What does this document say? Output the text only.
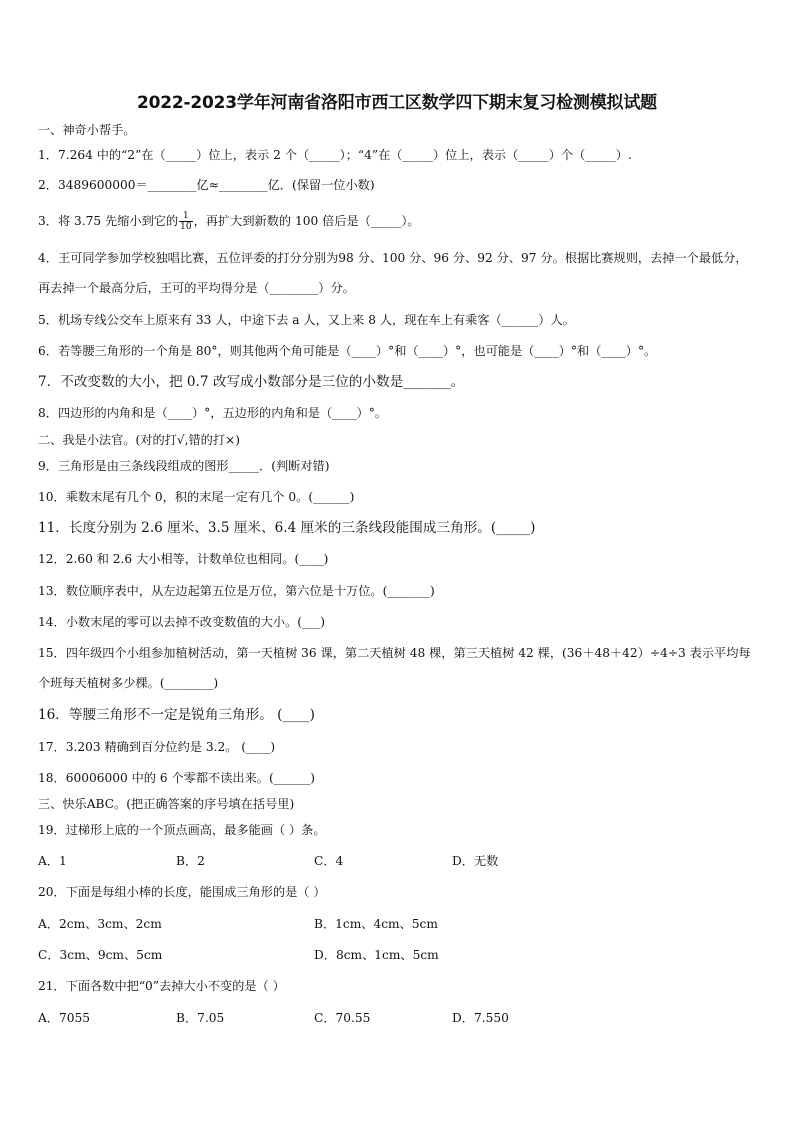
2022-2023学年河南省洛阳市西工区数学四下期末复习检测模拟试题
一、神奇小帮手。
1．7.264 中的“2”在（_____）位上，表示 2 个（_____）；“4”在（_____）位上，表示（_____）个（_____）.
2．3489600000＝________亿≈________亿．(保留一位小数)
3．将 3.75 先缩小到它的 $\frac{1}{10}$ ，再扩大到新数的 100 倍后是（_____）。
4．王可同学参加学校独唱比赛，五位评委的打分分别为98 分、100 分、96 分、92 分、97 分。根据比赛规则，去掉一个最低分，再去掉一个最高分后，王可的平均得分是（________）分。
5．机场专线公交车上原来有 33 人，中途下去 a 人，又上来 8 人，现在车上有乘客（______）人。
6．若等腰三角形的一个角是 80°，则其他两个角可能是（____）°和（____）°，也可能是（____）°和（____）°。
7．不改变数的大小，把 0.7 改写成小数部分是三位的小数是_______。
8．四边形的内角和是（____）°，五边形的内角和是（____）°。
二、我是小法官。(对的打√,错的打×)
9．三角形是由三条线段组成的图形_____．(判断对错)
10．乘数末尾有几个 0，积的末尾一定有几个 0。(______)
11．长度分别为 2.6 厘米、3.5 厘米、6.4 厘米的三条线段能围成三角形。(_____)
12．2.60 和 2.6 大小相等，计数单位也相同。(____)
13．数位顺序表中，从左边起第五位是万位，第六位是十万位。(_______)
14．小数末尾的零可以去掉不改变数值的大小。(___)
15．四年级四个小组参加植树活动，第一天植树 36 课，第二天植树 48 棵，第三天植树 42 棵，(36＋48＋42）÷4÷3 表示平均每个班每天植树多少棵。(________)
16．等腰三角形不一定是锐角三角形。 (____)
17．3.203 精确到百分位约是 3.2。 (____)
18．60006000 中的 6 个零都不读出来。(______)
三、快乐ABC。(把正确答案的序号填在括号里)
19．过梯形上底的一个顶点画高，最多能画（ ）条。
A．1	B．2	C．4	D．无数
20．下面是每组小棒的长度，能围成三角形的是（ ）
A．2cm、3cm、2cm	B．1cm、4cm、5cm
C．3cm、9cm、5cm	D．8cm、1cm、5cm
21．下面各数中把“0”去掉大小不变的是（ ）
A．7055	B．7.05	C．70.55	D．7.550
